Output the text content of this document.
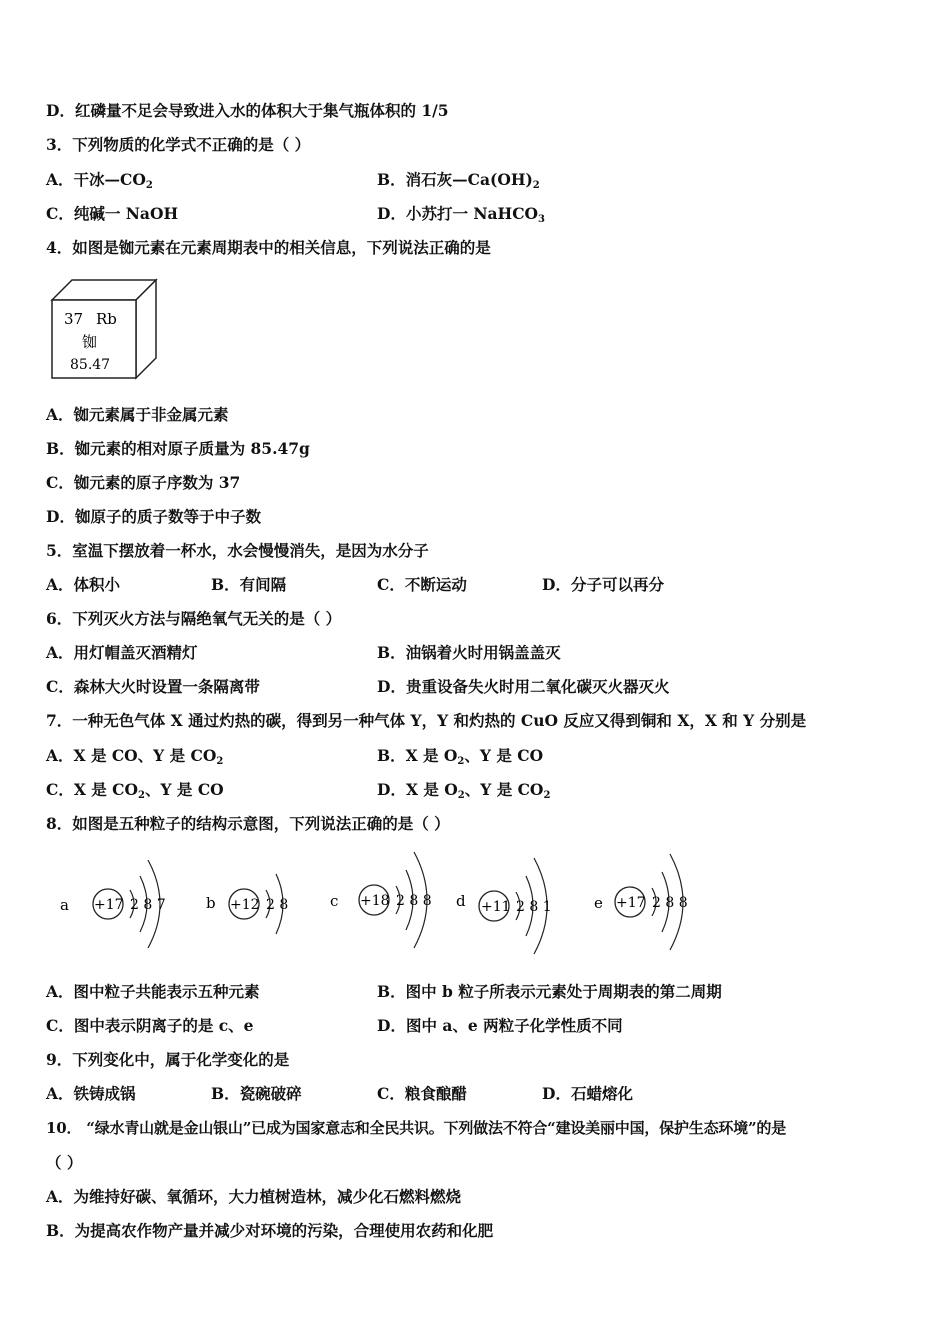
D．红磷量不足会导致进入水的体积大于集气瓶体积的 1/5
3．下列物质的化学式不正确的是（ ）
A．干冰$—CO_2$	B．消石灰$—Ca(OH)_2$
C．纯碱一 NaOH	D．小苏打一 NaHCO$_3$
4．如图是铷元素在元素周期表中的相关信息，下列说法正确的是
37 Rb
铷
85.47
A．铷元素属于非金属元素
B．铷元素的相对原子质量为 85.47g
C．铷元素的原子序数为 37
D．铷原子的质子数等于中子数
5．室温下摆放着一杯水，水会慢慢消失，是因为水分子
A．体积小	B．有间隔	C．不断运动	D．分子可以再分
6．下列灭火方法与隔绝氧气无关的是（ ）
A．用灯帽盖灭酒精灯	B．油锅着火时用锅盖盖灭
C．森林大火时设置一条隔离带	D．贵重设备失火时用二氧化碳灭火器灭火
7．一种无色气体 X 通过灼热的碳，得到另一种气体 Y，Y 和灼热的 CuO 反应又得到铜和 X，X 和 Y 分别是
A．X 是 CO、Y 是 $CO_2$	B．X 是 $O_2$、Y 是 CO
C．X 是 $CO_2$、Y 是 CO	D．X 是 $O_2$、Y 是 $CO_2$
8．如图是五种粒子的结构示意图，下列说法正确的是（ ）
a +17 2 8 7	b +12 2 8	c +18 2 8 8 d +11 2 8 1	e +17 2 8 8
A．图中粒子共能表示五种元素	B．图中 b 粒子所表示元素处于周期表的第二周期
C．图中表示阴离子的是 c、e	D．图中 a、e 两粒子化学性质不同
9．下列变化中，属于化学变化的是
A．铁铸成锅	B．瓷碗破碎	C．粮食酿醋	D．石蜡熔化
10． “绿水青山就是金山银山”已成为国家意志和全民共识。下列做法不符合“建设美丽中国，保护生态环境”的是
（ ）
A．为维持好碳、氧循环，大力植树造林，减少化石燃料燃烧
B．为提高农作物产量并减少对环境的污染，合理使用农药和化肥
